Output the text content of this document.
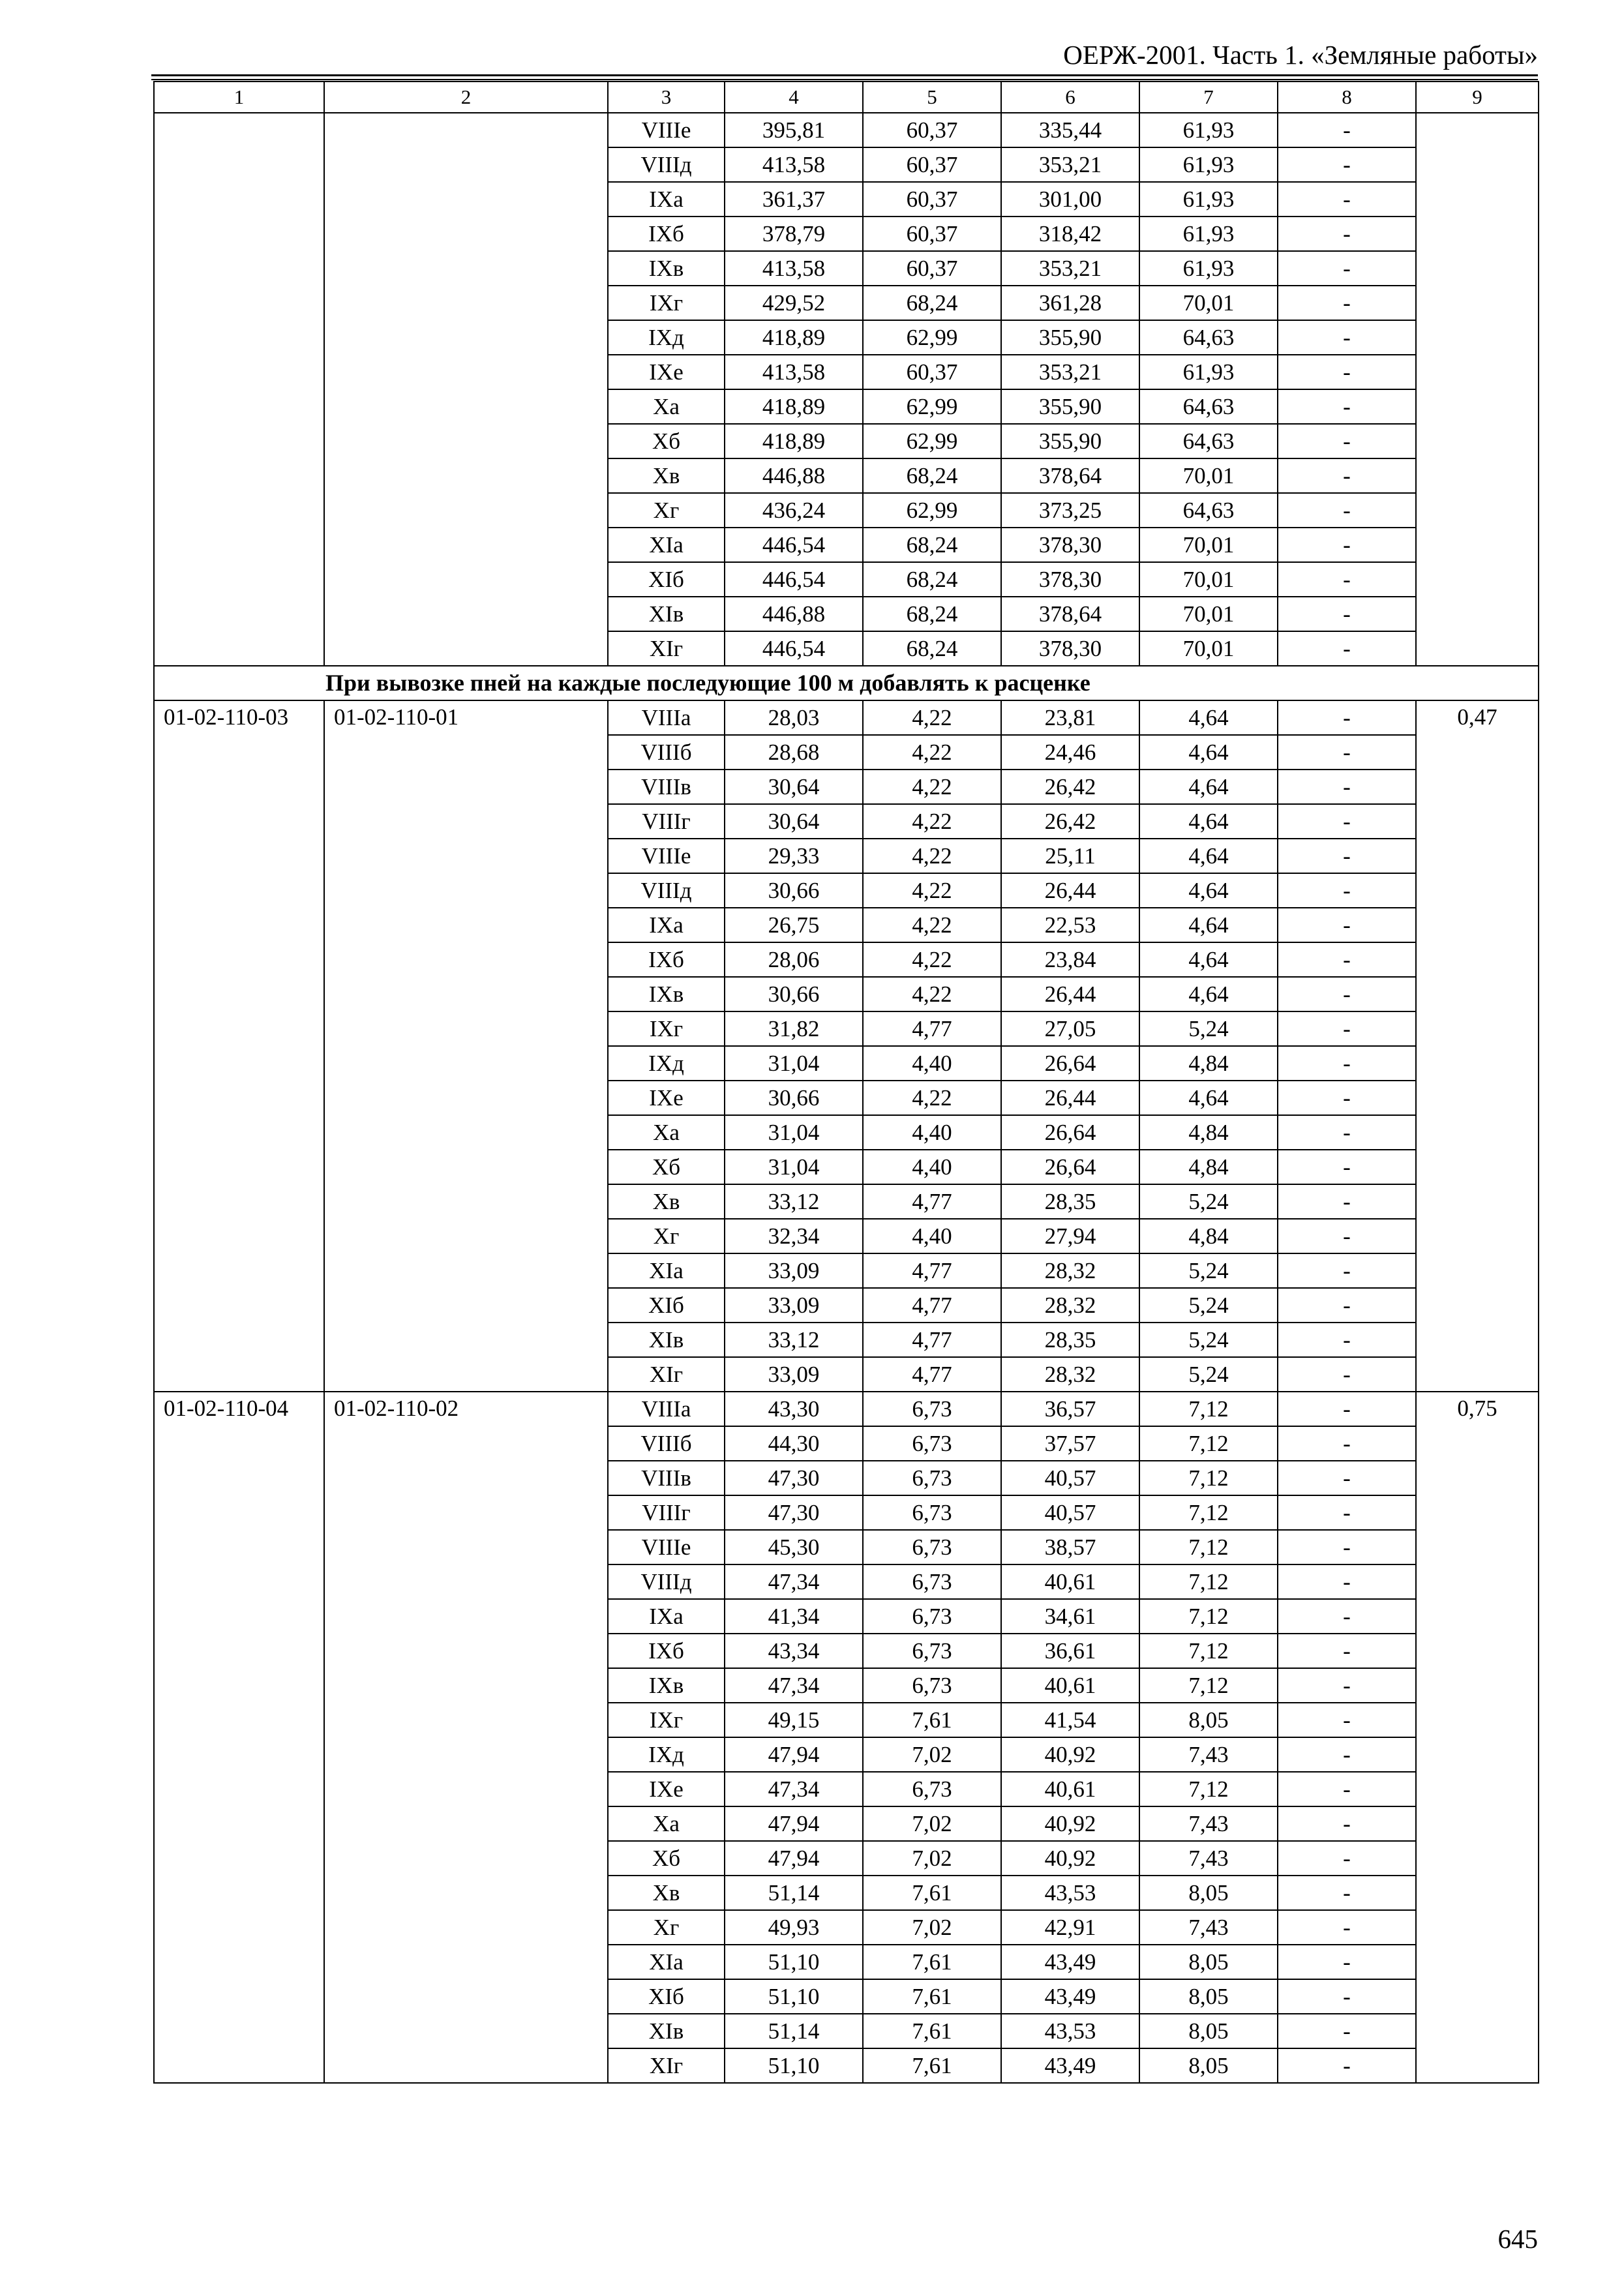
ОЕРЖ-2001. Часть 1. «Земляные работы»
1	2	3	4	5	6	7	8	9
		VIIIе	395,81	60,37	335,44	61,93	-	
		VIIIд	413,58	60,37	353,21	61,93	-	
		IXа	361,37	60,37	301,00	61,93	-	
		IXб	378,79	60,37	318,42	61,93	-	
		IXв	413,58	60,37	353,21	61,93	-	
		IXг	429,52	68,24	361,28	70,01	-	
		IXд	418,89	62,99	355,90	64,63	-	
		IXе	413,58	60,37	353,21	61,93	-	
		Xа	418,89	62,99	355,90	64,63	-	
		Xб	418,89	62,99	355,90	64,63	-	
		Xв	446,88	68,24	378,64	70,01	-	
		Xг	436,24	62,99	373,25	64,63	-	
		XIа	446,54	68,24	378,30	70,01	-	
		XIб	446,54	68,24	378,30	70,01	-	
		XIв	446,88	68,24	378,64	70,01	-	
		XIг	446,54	68,24	378,30	70,01	-	
При вывозке пней на каждые последующие 100 м добавлять к расценке								
01-02-110-03	01-02-110-01	VIIIа	28,03	4,22	23,81	4,64	-	0,47
		VIIIб	28,68	4,22	24,46	4,64	-	
		VIIIв	30,64	4,22	26,42	4,64	-	
		VIIIг	30,64	4,22	26,42	4,64	-	
		VIIIе	29,33	4,22	25,11	4,64	-	
		VIIIд	30,66	4,22	26,44	4,64	-	
		IXа	26,75	4,22	22,53	4,64	-	
		IXб	28,06	4,22	23,84	4,64	-	
		IXв	30,66	4,22	26,44	4,64	-	
		IXг	31,82	4,77	27,05	5,24	-	
		IXд	31,04	4,40	26,64	4,84	-	
		IXе	30,66	4,22	26,44	4,64	-	
		Xа	31,04	4,40	26,64	4,84	-	
		Xб	31,04	4,40	26,64	4,84	-	
		Xв	33,12	4,77	28,35	5,24	-	
		Xг	32,34	4,40	27,94	4,84	-	
		XIа	33,09	4,77	28,32	5,24	-	
		XIб	33,09	4,77	28,32	5,24	-	
		XIв	33,12	4,77	28,35	5,24	-	
		XIг	33,09	4,77	28,32	5,24	-	
01-02-110-04	01-02-110-02	VIIIа	43,30	6,73	36,57	7,12	-	0,75
		VIIIб	44,30	6,73	37,57	7,12	-	
		VIIIв	47,30	6,73	40,57	7,12	-	
		VIIIг	47,30	6,73	40,57	7,12	-	
		VIIIе	45,30	6,73	38,57	7,12	-	
		VIIIд	47,34	6,73	40,61	7,12	-	
		IXа	41,34	6,73	34,61	7,12	-	
		IXб	43,34	6,73	36,61	7,12	-	
		IXв	47,34	6,73	40,61	7,12	-	
		IXг	49,15	7,61	41,54	8,05	-	
		IXд	47,94	7,02	40,92	7,43	-	
		IXе	47,34	6,73	40,61	7,12	-	
		Xа	47,94	7,02	40,92	7,43	-	
		Xб	47,94	7,02	40,92	7,43	-	
		Xв	51,14	7,61	43,53	8,05	-	
		Xг	49,93	7,02	42,91	7,43	-	
		XIа	51,10	7,61	43,49	8,05	-	
		XIб	51,10	7,61	43,49	8,05	-	
		XIв	51,14	7,61	43,53	8,05	-	
		XIг	51,10	7,61	43,49	8,05	-	
645
